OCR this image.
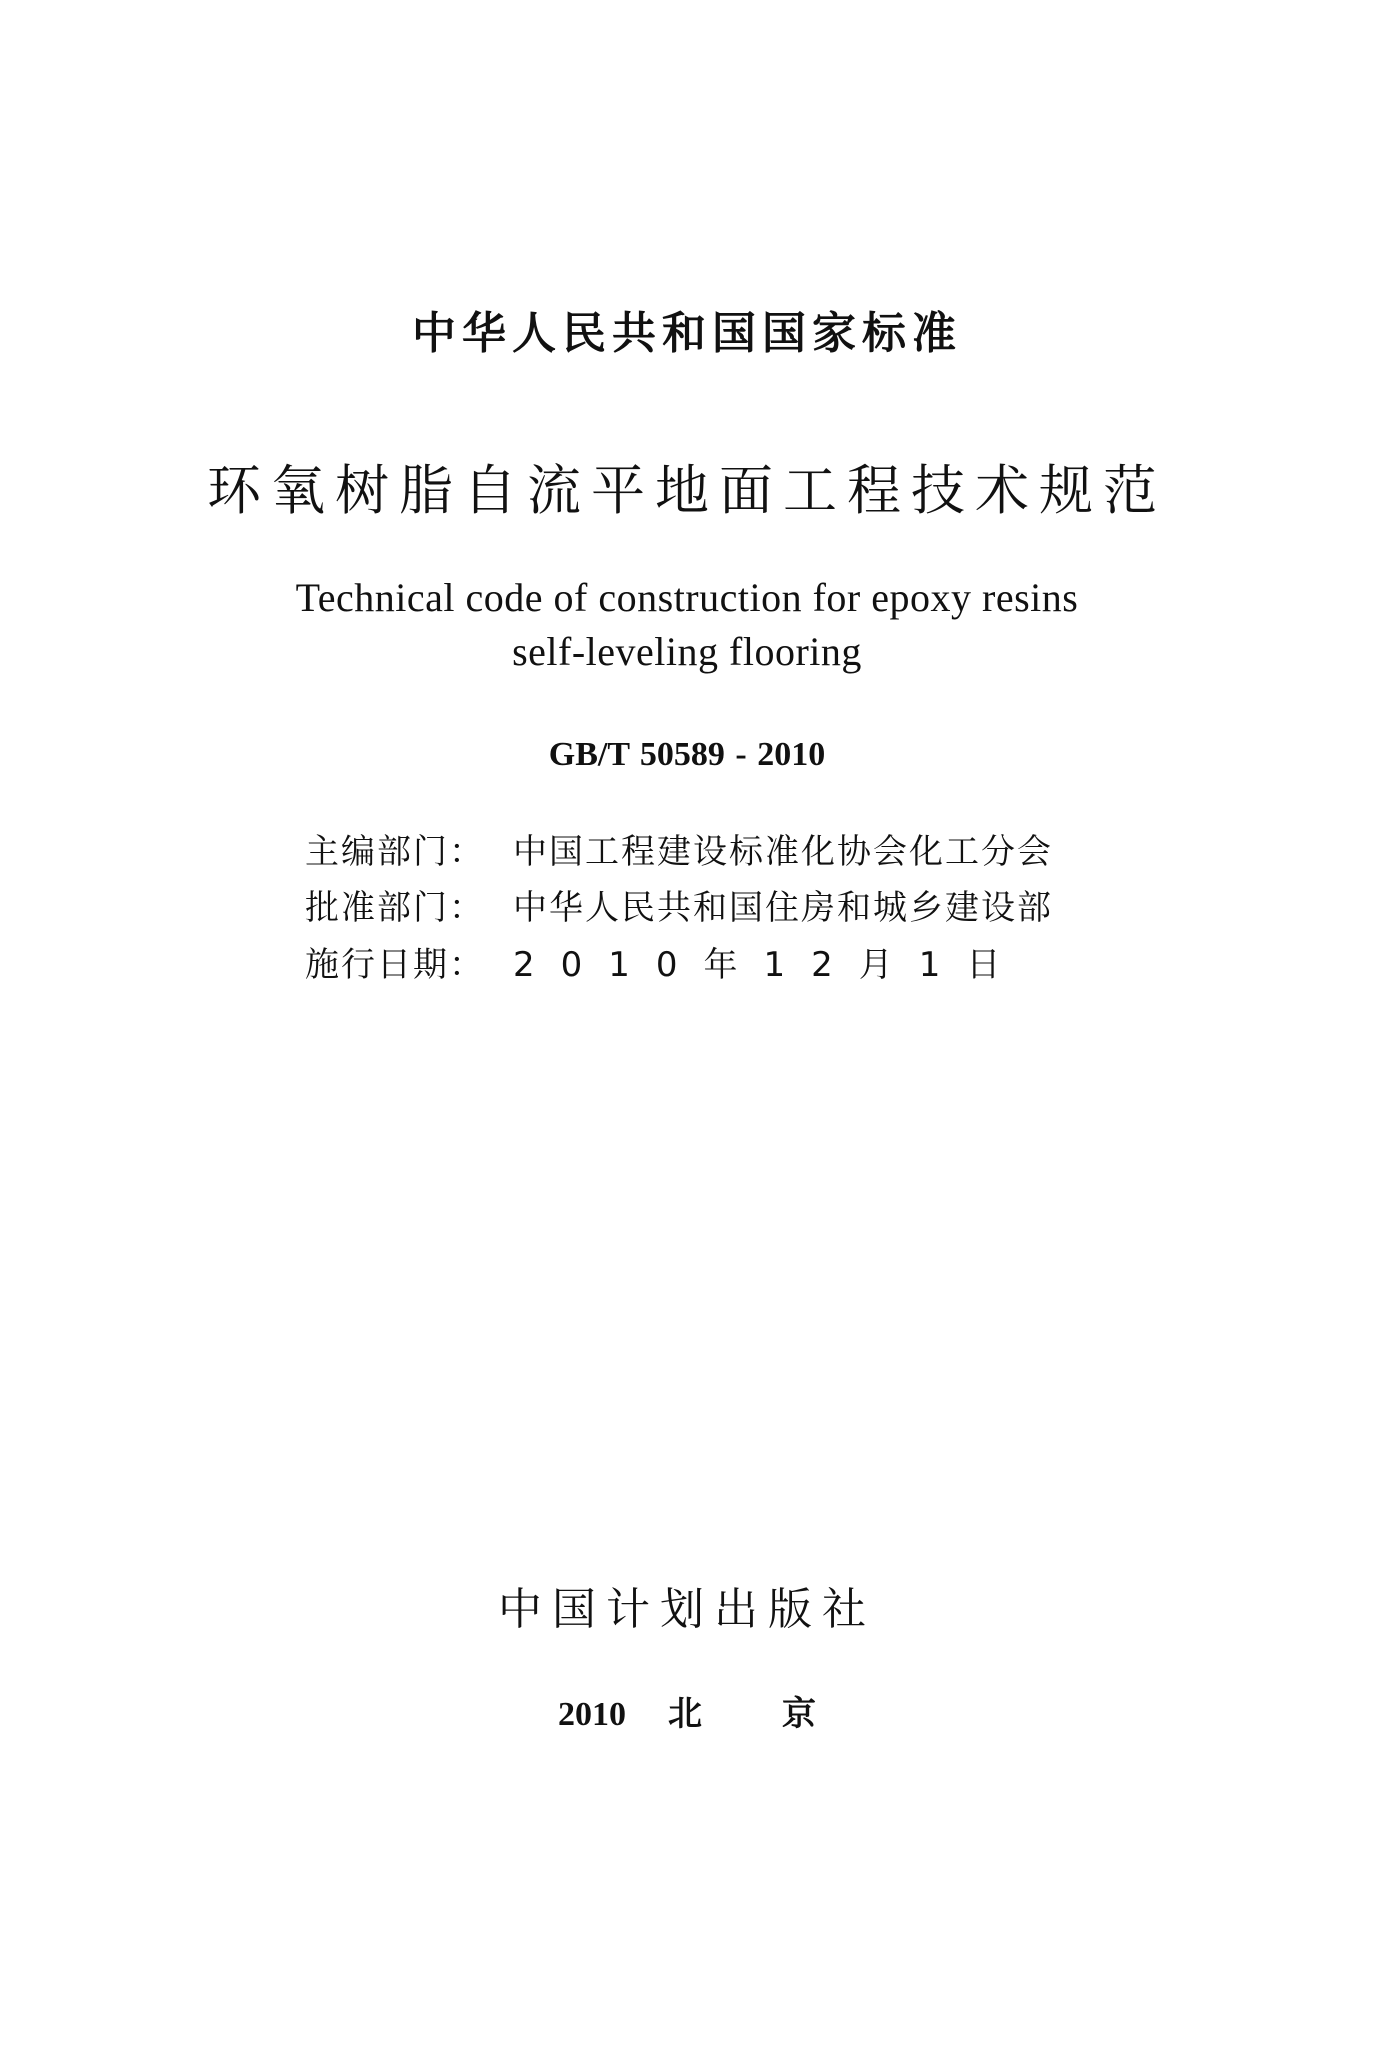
中华人民共和国国家标准
环氧树脂自流平地面工程技术规范
Technical code of construction for epoxy resins
self-leveling flooring
GB/T 50589 - 2010
主编部门： 中国工程建设标准化协会化工分会
批准部门： 中华人民共和国住房和城乡建设部
施行日期： 2010年12月1日
中国计划出版社
2010 北 京
